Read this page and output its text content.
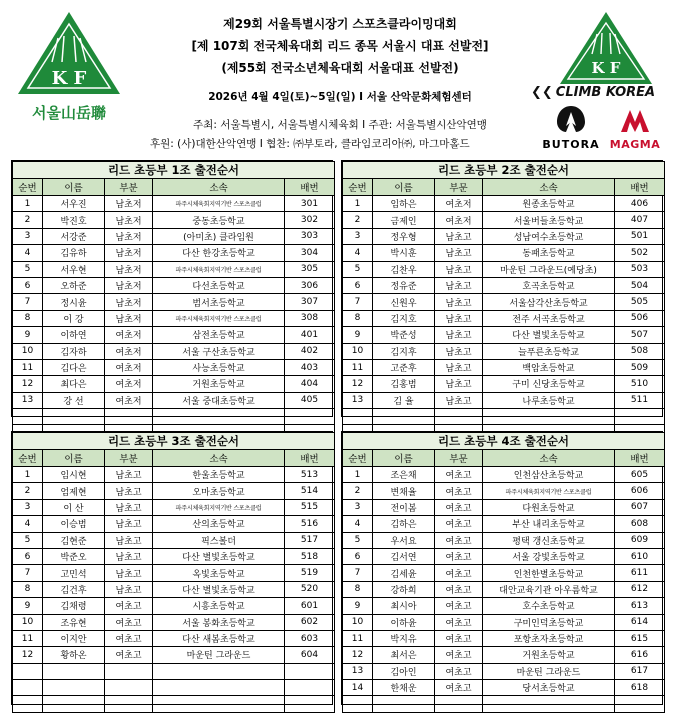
K F
서울山岳聯
제29회 서울특별시장기 스포츠클라이밍대회
[제 107회 전국체육대회 리드 종목 서울시 대표 선발전]
(제55회 전국소년체육대회 서울대표 선발전)
2026년 4월 4일(토)~5일(일) I 서울 산악문화체험센터
주최: 서울특별시, 서울특별시체육회 I 주관: 서울특별시산악연맹
후원: (사)대한산악연맹 I 협찬: ㈜부토라, 클라임코리아㈜, 마그마홀드
K F
❮❮ CLIMB KOREA
BUTORA MAGMA
리드 초등부 1조 출전순서				
순번	이름	부분	소속	배번
1	서우진	남초저	파주시체육회지역기반 스포츠클럽	301
2	박진호	남초저	중동초등학교	302
3	서강준	남초저	(아미초) 클라임원	303
4	김유하	남초저	다산 한강초등학교	304
5	서우현	남초저	파주시체육회지역기반 스포츠클럽	305
6	오하준	남초저	다선초등학교	306
7	정시윤	남초저	범서초등학교	307
8	이 강	남초저	파주시체육회지역기반 스포츠클럽	308
9	이하연	여초저	삼전초등학교	401
10	김자하	여초저	서울 구산초등학교	402
11	김다은	여초저	사능초등학교	403
12	최다은	여초저	거원초등학교	404
13	강 선	여초저	서울 중대초등학교	405

리드 초등부 2조 출전순서				
순번	이름	부문	소속	배번
1	임하은	여초저	원종초등학교	406
2	금제인	여초저	서울버들초등학교	407
3	정우형	남초고	성남여수초등학교	501
4	박시훈	남초고	동패초등학교	502
5	김찬우	남초고	마운틴 그라운드(예당초)	503
6	정유준	남초고	호곡초등학교	504
7	신원우	남초고	서울삼각산초등학교	505
8	김지호	남초고	전주 서곡초등학교	506
9	박준성	남초고	다산 별빛초등학교	507
10	김지후	남초고	늘푸른초등학교	508
11	고준후	남초고	백암초등학교	509
12	김홍범	남초고	구미 신당초등학교	510
13	김 율	남초고	나루초등학교	511

리드 초등부 3조 출전순서				
순번	이름	부분	소속	배번
1	임시현	남초고	한울초등학교	513
2	엄제현	남초고	오마초등학교	514
3	이 산	남초고	파주시체육회지역기반 스포츠클럽	515
4	이승범	남초고	산의초등학교	516
5	김현준	남초고	픽스볼더	517
6	박준오	남초고	다산 별빛초등학교	518
7	고민석	남초고	옥빛초등학교	519
8	김건후	남초고	다산 별빛초등학교	520
9	김채령	여초고	시흥초등학교	601
10	조유현	여초고	서울 봉화초등학교	602
11	이지안	여초고	다산 새봄초등학교	603
12	황하온	여초고	마운틴 그라운드	604

리드 초등부 4조 출전순서				
순번	이름	부문	소속	배번
1	조은채	여초고	인천삼산초등학교	605
2	변채율	여초고	파주시체육회지역기반 스포츠클럽	606
3	전이봄	여초고	다원초등학교	607
4	김하은	여초고	부산 내리초등학교	608
5	우서요	여초고	평택 갱신초등학교	609
6	김서연	여초고	서울 강빛초등학교	610
7	김세윤	여초고	인천한별초등학교	611
8	강하희	여초고	대안교육기관 아우름학교	612
9	최시아	여초고	호수초등학교	613
10	이하윤	여초고	구미인덕초등학교	614
11	박지유	여초고	포항초자초등학교	615
12	최서은	여초고	거원초등학교	616
13	김아인	여초고	마운틴 그라운드	617
14	한채운	여초고	당서초등학교	618
